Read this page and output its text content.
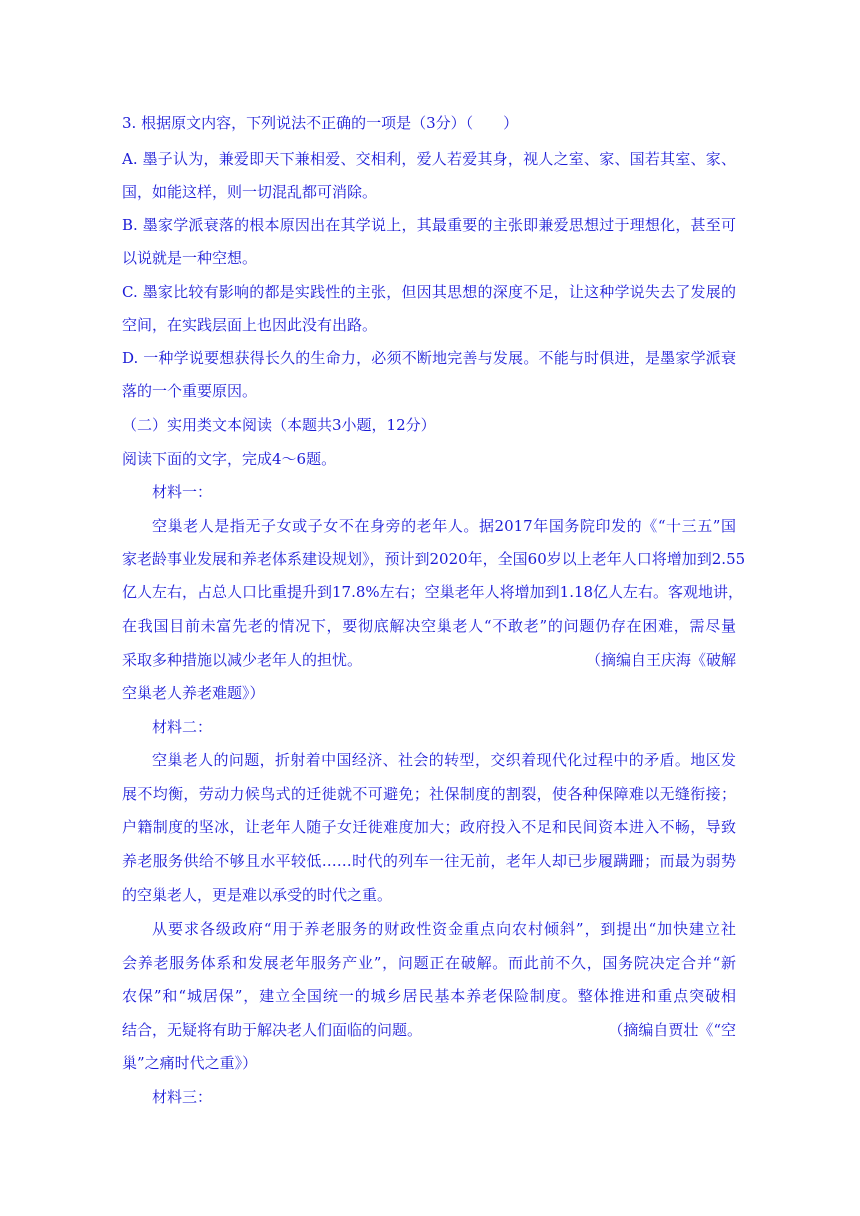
3. 根据原文内容，下列说法不正确的一项是（3分）（　　）
A. 墨子认为，兼爱即天下兼相爱、交相利，爱人若爱其身，视人之室、家、国若其室、家、
国，如能这样，则一切混乱都可消除。
B. 墨家学派衰落的根本原因出在其学说上，其最重要的主张即兼爱思想过于理想化，甚至可
以说就是一种空想。
C. 墨家比较有影响的都是实践性的主张，但因其思想的深度不足，让这种学说失去了发展的
空间，在实践层面上也因此没有出路。
D. 一种学说要想获得长久的生命力，必须不断地完善与发展。不能与时俱进，是墨家学派衰
落的一个重要原因。
（二）实用类文本阅读（本题共3小题，12分）
阅读下面的文字，完成4～6题。
材料一：
空巢老人是指无子女或子女不在身旁的老年人。据2017年国务院印发的《“十三五”国
家老龄事业发展和养老体系建设规划》，预计到2020年，全国60岁以上老年人口将增加到2.55
亿人左右，占总人口比重提升到17.8%左右；空巢老年人将增加到1.18亿人左右。客观地讲，
在我国目前未富先老的情况下，要彻底解决空巢老人“不敢老”的问题仍存在困难，需尽量
采取多种措施以减少老年人的担忧。	（摘编自王庆海《破解
空巢老人养老难题》）
材料二：
空巢老人的问题，折射着中国经济、社会的转型，交织着现代化过程中的矛盾。地区发
展不均衡，劳动力候鸟式的迁徙就不可避免；社保制度的割裂，使各种保障难以无缝衔接；
户籍制度的坚冰，让老年人随子女迁徙难度加大；政府投入不足和民间资本进入不畅，导致
养老服务供给不够且水平较低……时代的列车一往无前，老年人却已步履蹒跚；而最为弱势
的空巢老人，更是难以承受的时代之重。
从要求各级政府“用于养老服务的财政性资金重点向农村倾斜”，到提出“加快建立社
会养老服务体系和发展老年服务产业”，问题正在破解。而此前不久，国务院决定合并“新
农保”和“城居保”，建立全国统一的城乡居民基本养老保险制度。整体推进和重点突破相
结合，无疑将有助于解决老人们面临的问题。	（摘编自贾壮《“空
巢”之痛时代之重》）
材料三：
